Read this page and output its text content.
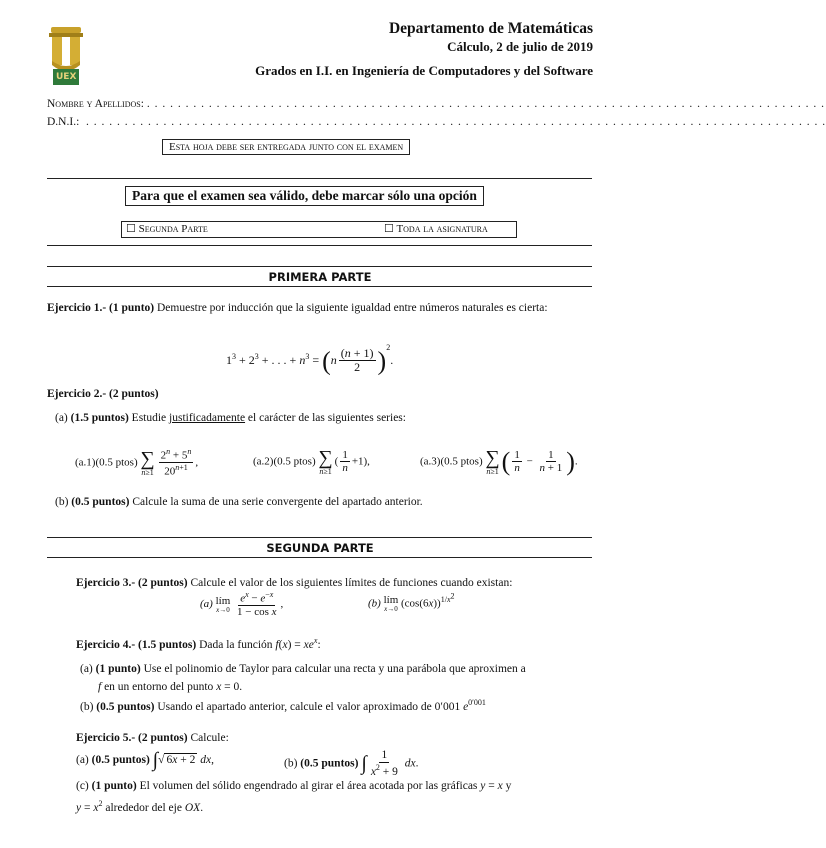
UEX
Departamento de Matemáticas
Cálculo, 2 de julio de 2019
Grados en I.I. en Ingeniería de Computadores y del Software
Nombre y Apellidos: . . . . . . . . . . . . . . . . . . . . . . . . . . . . . . . . . . . . . . . . . . . . . . . . . . . . . . . . . . . . . . . . . . . . . . . . . . . . . . . . . . . . . . . .
D.N.I.:  . . . . . . . . . . . . . . . . . . . . . . . . . . . . . . . . . . . . . . . . . . . . . . . . . . . . . . . . . . . . . . . . . . . . . . . . . . . . . . . . . . . . . . . . . . . . . . . .
Esta hoja debe ser entregada junto con el examen
Para que el examen sea válido, debe marcar sólo una opción
☐ Segunda Parte	☐ Toda la asignatura
PRIMERA PARTE
Ejercicio 1.- (1 punto) Demuestre por inducción que la siguiente igualdad entre números naturales es cierta:
$1^3 + 2^3$ + . . . + $n^3 = (n \frac{(n + 1)}{2} )^2$.
Ejercicio 2.- (2 puntos)
(a) (1.5 puntos) Estudie justificadamente el carácter de las siguientes series:
(a.1)(0.5 ptos) ∑
$n\ge 1 \frac{2^n + 5^n}{20^{n+1}}$ ,	(a.2)(0.5 ptos) ∑
n≥1
( $\frac{1}{n} +1$),	(a.3)(0.5 ptos) ∑
n≥1 ( $\frac{1}{n} - \frac{1}{n + 1}$ ).
(b) (0.5 puntos) Calcule la suma de una serie convergente del apartado anterior.
SEGUNDA PARTE
Ejercicio 3.- (2 puntos) Calcule el valor de los siguientes límites de funciones cuando existan:
(a) lím
x→0
$\frac{e^x - e^{-x}}{\text{1 − cos x}}$ ,	(b) lím
x→0 $(\cos(6x))^{1/x^2}$
Ejercicio 4.- (1.5 puntos) Dada la función $f(x) = xe^x$:
(a) (1 punto) Use el polinomio de Taylor para calcular una recta y una parábola que aproximen a
f en un entorno del punto x = 0.
(b) (0.5 puntos) Usando el apartado anterior, calcule el valor aproximado de 0′001 $e^{0'001}$
Ejercicio 5.- (2 puntos) Calcule:
(a) (0.5 puntos) ∫√ 6x + 2 dx,	(b) (0.5 puntos) ∫ $\frac{1}{x^2 + 9}$ dx.
(c) (1 punto) El volumen del sólido engendrado al girar el área acotada por las gráficas y = x y
$y = x^2$ alrededor del eje OX.
